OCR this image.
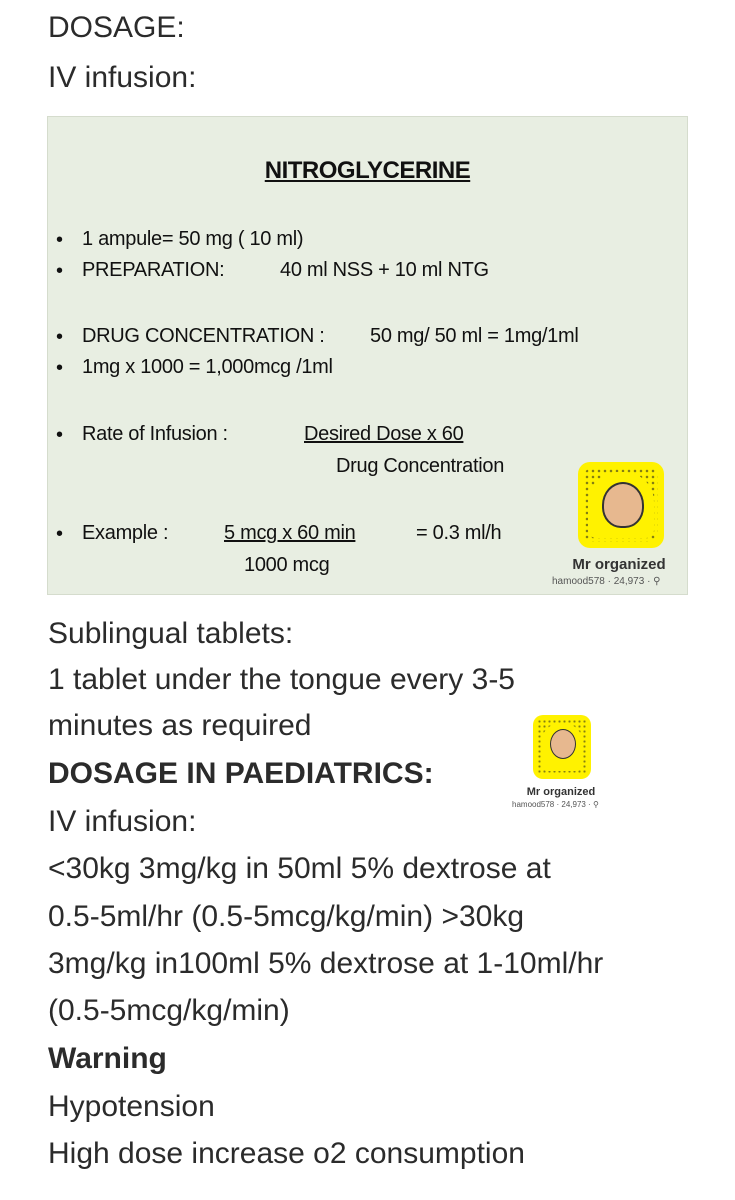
DOSAGE:
IV infusion:
NITROGLYCERINE
• 1 ampule= 50 mg ( 10 ml)
• PREPARATION:	40 ml NSS + 10 ml NTG
• DRUG CONCENTRATION : 50 mg/ 50 ml = 1mg/1ml
• 1mg x 1000 = 1,000mcg /1ml
• Rate of Infusion :	Desired Dose x 60
Drug Concentration
• Example :	5 mcg x 60 min	= 0.3 ml/h
1000 mcg	Mr organized
hamood578 · 24,973 · ⚲
Sublingual tablets:
1 tablet under the tongue every 3-5
minutes as required
DOSAGE IN PAEDIATRICS:
IV infusion:
<30kg 3mg/kg in 50ml 5% dextrose at
0.5-5ml/hr (0.5-5mcg/kg/min) >30kg
3mg/kg in100ml 5% dextrose at 1-10ml/hr
(0.5-5mcg/kg/min)
Warning
Hypotension
High dose increase o2 consumption
Mr organized
hamood578 · 24,973 · ⚲
